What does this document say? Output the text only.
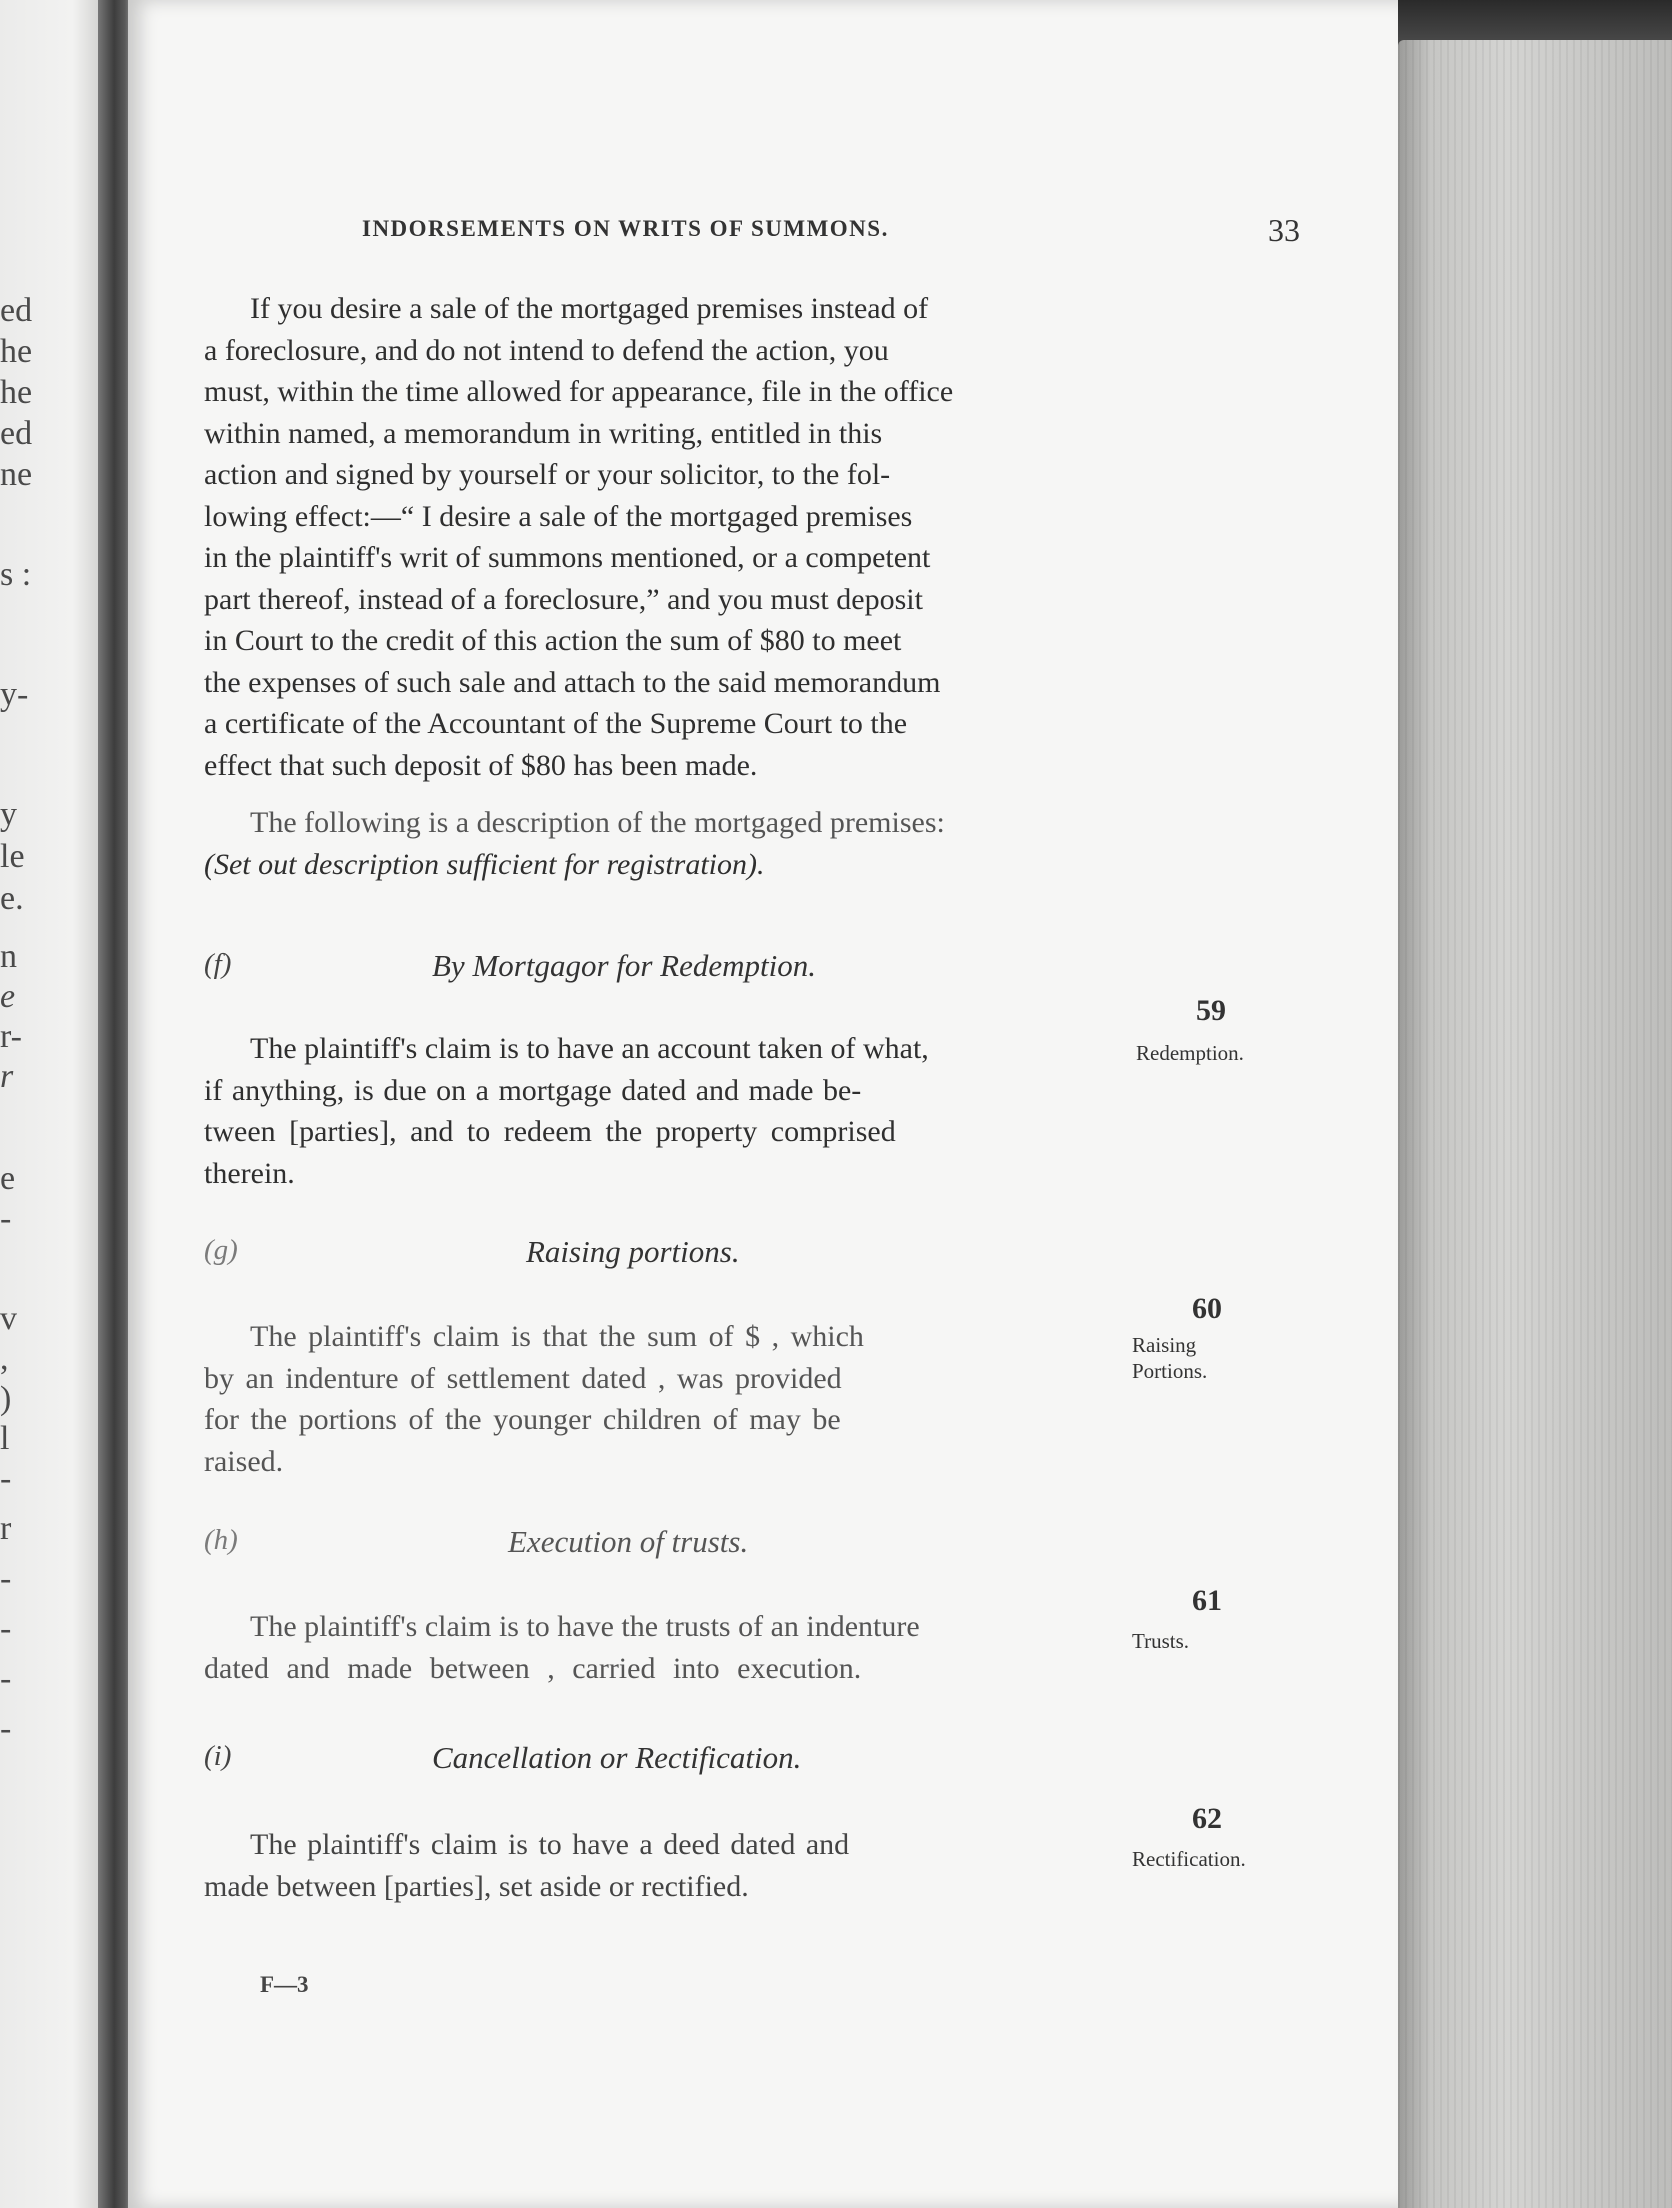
ed
he
he
ed
ne
s :
y-
y
le
e.
n
e
r-
r
e
-
v
,
)
l
-
r
-
-
-
-
INDORSEMENTS ON WRITS OF SUMMONS.	33
If you desire a sale of the mortgaged premises instead of
a foreclosure, and do not intend to defend the action, you
must, within the time allowed for appearance, file in the office
within named, a memorandum in writing, entitled in this
action and signed by yourself or your solicitor, to the fol-
lowing effect:—“ I desire a sale of the mortgaged premises
in the plaintiff's writ of summons mentioned, or a competent
part thereof, instead of a foreclosure,” and you must deposit
in Court to the credit of this action the sum of $80 to meet
the expenses of such sale and attach to the said memorandum
a certificate of the Accountant of the Supreme Court to the
effect that such deposit of $80 has been made.
The following is a description of the mortgaged premises:
(Set out description sufficient for registration).
(f)	By Mortgagor for Redemption.
59
Redemption.
The plaintiff's claim is to have an account taken of what,
if anything, is due on a mortgage dated and made be-
tween [parties], and to redeem the property comprised
therein.
(g)	Raising portions.
60
Raising
Portions.
The plaintiff's claim is that the sum of $ , which
by an indenture of settlement dated , was provided
for the portions of the younger children of may be
raised.
(h)	Execution of trusts.
61
Trusts.
The plaintiff's claim is to have the trusts of an indenture
dated and made between , carried into execution.
(i)	Cancellation or Rectification.
62
Rectification.
The plaintiff's claim is to have a deed dated and
made between [parties], set aside or rectified.
F—3
